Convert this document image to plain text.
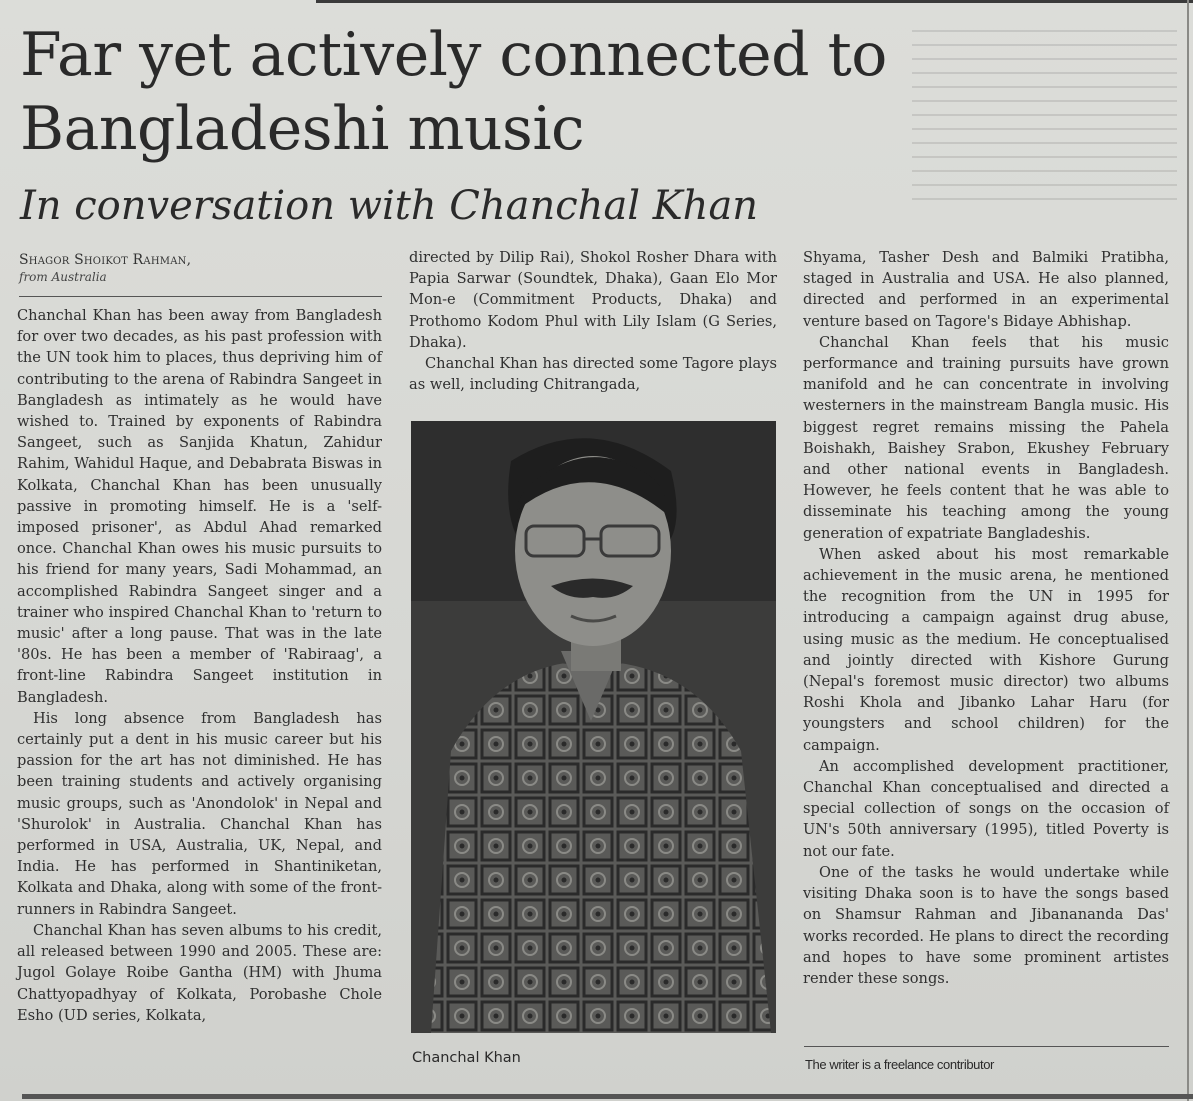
Far yet actively connected to Bangladeshi music
In conversation with Chanchal Khan
Shagor Shoikot Rahman,
from Australia

Chanchal Khan has been away from Bangladesh for over two decades, as his past profession with the UN took him to places, thus depriving him of contributing to the arena of Rabindra Sangeet in Bangladesh as intimately as he would have wished to. Trained by exponents of Rabindra Sangeet, such as Sanjida Khatun, Zahidur Rahim, Wahidul Haque, and Debabrata Biswas in Kolkata, Chanchal Khan has been unusually passive in promoting himself. He is a 'self-imposed prisoner', as Abdul Ahad remarked once. Chanchal Khan owes his music pursuits to his friend for many years, Sadi Mohammad, an accomplished Rabindra Sangeet singer and a trainer who inspired Chanchal Khan to 'return to music' after a long pause. That was in the late '80s. He has been a member of 'Rabiraag', a front-line Rabindra Sangeet institution in Bangladesh.

His long absence from Bangladesh has certainly put a dent in his music career but his passion for the art has not diminished. He has been training students and actively organising music groups, such as 'Anondolok' in Nepal and 'Shurolok' in Australia. Chanchal Khan has performed in USA, Australia, UK, Nepal, and India. He has performed in Shantiniketan, Kolkata and Dhaka, along with some of the front-runners in Rabindra Sangeet.

Chanchal Khan has seven albums to his credit, all released between 1990 and 2005. These are: Jugol Golaye Roibe Gantha (HM) with Jhuma Chattyopadhyay of Kolkata, Porobashe Chole Esho (UD series, Kolkata,

directed by Dilip Rai), Shokol Rosher Dhara with Papia Sarwar (Soundtek, Dhaka), Gaan Elo Mor Mon-e (Commitment Products, Dhaka) and Prothomo Kodom Phul with Lily Islam (G Series, Dhaka).

Chanchal Khan has directed some Tagore plays as well, including Chitrangada,

Shyama, Tasher Desh and Balmiki Pratibha, staged in Australia and USA. He also planned, directed and performed in an experimental venture based on Tagore's Bidaye Abhishap.

Chanchal Khan feels that his music performance and training pursuits have grown manifold and he can concentrate in involving westerners in the mainstream Bangla music. His biggest regret remains missing the Pahela Boishakh, Baishey Srabon, Ekushey February and other national events in Bangladesh. However, he feels content that he was able to disseminate his teaching among the young generation of expatriate Bangladeshis.

When asked about his most remarkable achievement in the music arena, he mentioned the recognition from the UN in 1995 for introducing a campaign against drug abuse, using music as the medium. He conceptualised and jointly directed with Kishore Gurung (Nepal's foremost music director) two albums Roshi Khola and Jibanko Lahar Haru (for youngsters and school children) for the campaign.

An accomplished development practitioner, Chanchal Khan conceptualised and directed a special collection of songs on the occasion of UN's 50th anniversary (1995), titled Poverty is not our fate.

One of the tasks he would undertake while visiting Dhaka soon is to have the songs based on Shamsur Rahman and Jibanananda Das' works recorded. He plans to direct the recording and hopes to have some prominent artistes render these songs.

Chanchal Khan	The writer is a freelance contributor
